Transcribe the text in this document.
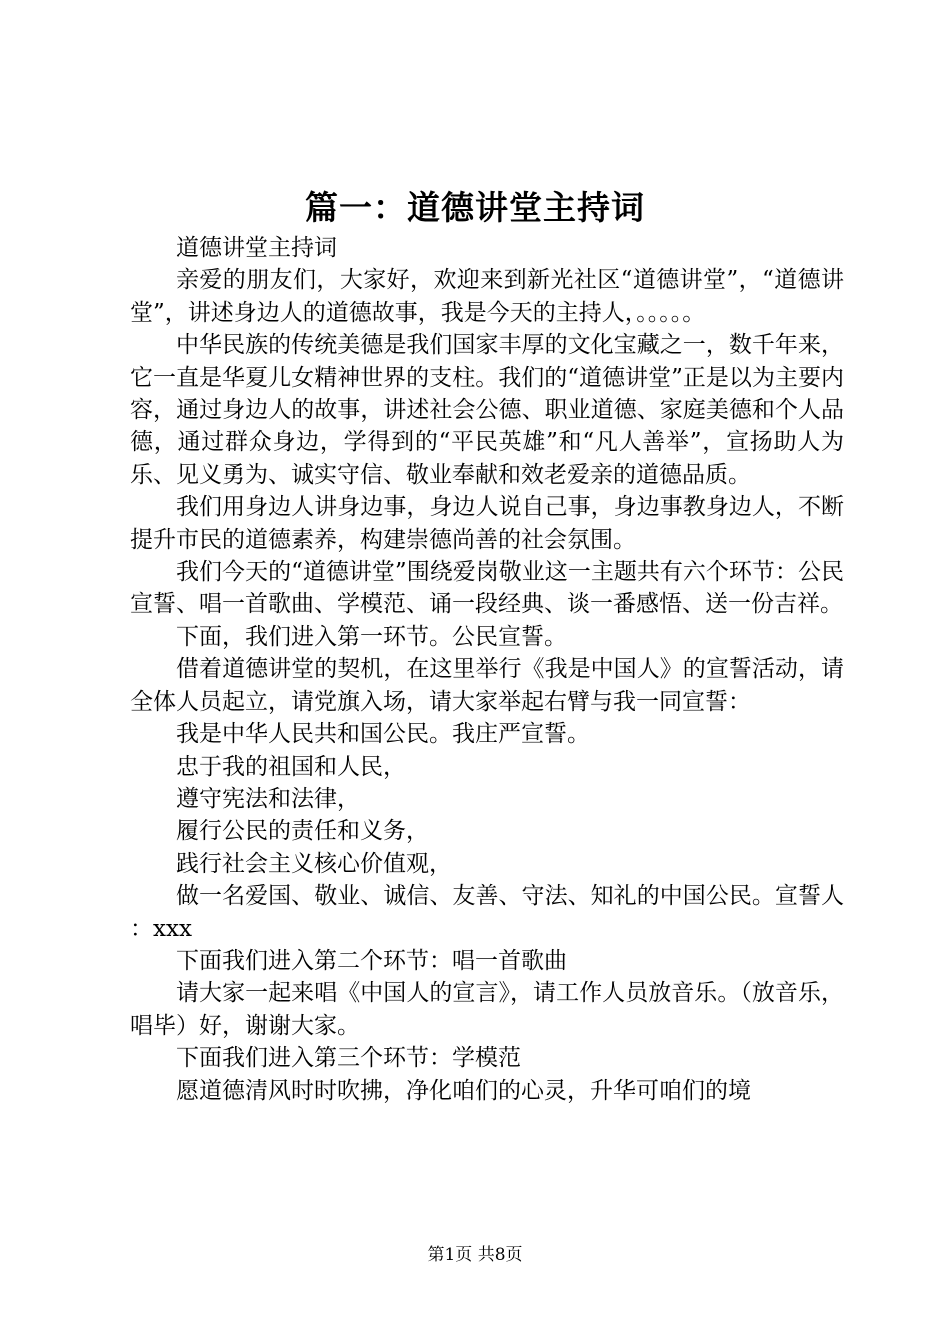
篇一：道德讲堂主持词

道德讲堂主持词

亲爱的朋友们，大家好，欢迎来到新光社区“道德讲堂”，“道德讲堂”，讲述身边人的道德故事，我是今天的主持人，。。。。。

中华民族的传统美德是我们国家丰厚的文化宝藏之一，数千年来，它一直是华夏儿女精神世界的支柱。我们的“道德讲堂”正是以为主要内容，通过身边人的故事，讲述社会公德、职业道德、家庭美德和个人品德，通过群众身边，学得到的“平民英雄”和“凡人善举”，宣扬助人为乐、见义勇为、诚实守信、敬业奉献和效老爱亲的道德品质。

我们用身边人讲身边事，身边人说自己事，身边事教身边人，不断提升市民的道德素养，构建崇德尚善的社会氛围。

我们今天的“道德讲堂”围绕爱岗敬业这一主题共有六个环节：公民宣誓、唱一首歌曲、学模范、诵一段经典、谈一番感悟、送一份吉祥。

下面，我们进入第一环节。公民宣誓。

借着道德讲堂的契机，在这里举行《我是中国人》的宣誓活动，请全体人员起立，请党旗入场，请大家举起右臂与我一同宣誓：

我是中华人民共和国公民。我庄严宣誓。

忠于我的祖国和人民，

遵守宪法和法律，

履行公民的责任和义务，

践行社会主义核心价值观，

做一名爱国、敬业、诚信、友善、守法、知礼的中国公民。宣誓人：xxx

下面我们进入第二个环节：唱一首歌曲

请大家一起来唱《中国人的宣言》，请工作人员放音乐。（放音乐，唱毕）好，谢谢大家。

下面我们进入第三个环节：学模范

愿道德清风时时吹拂，净化咱们的心灵，升华可咱们的境

第1页 共8页
